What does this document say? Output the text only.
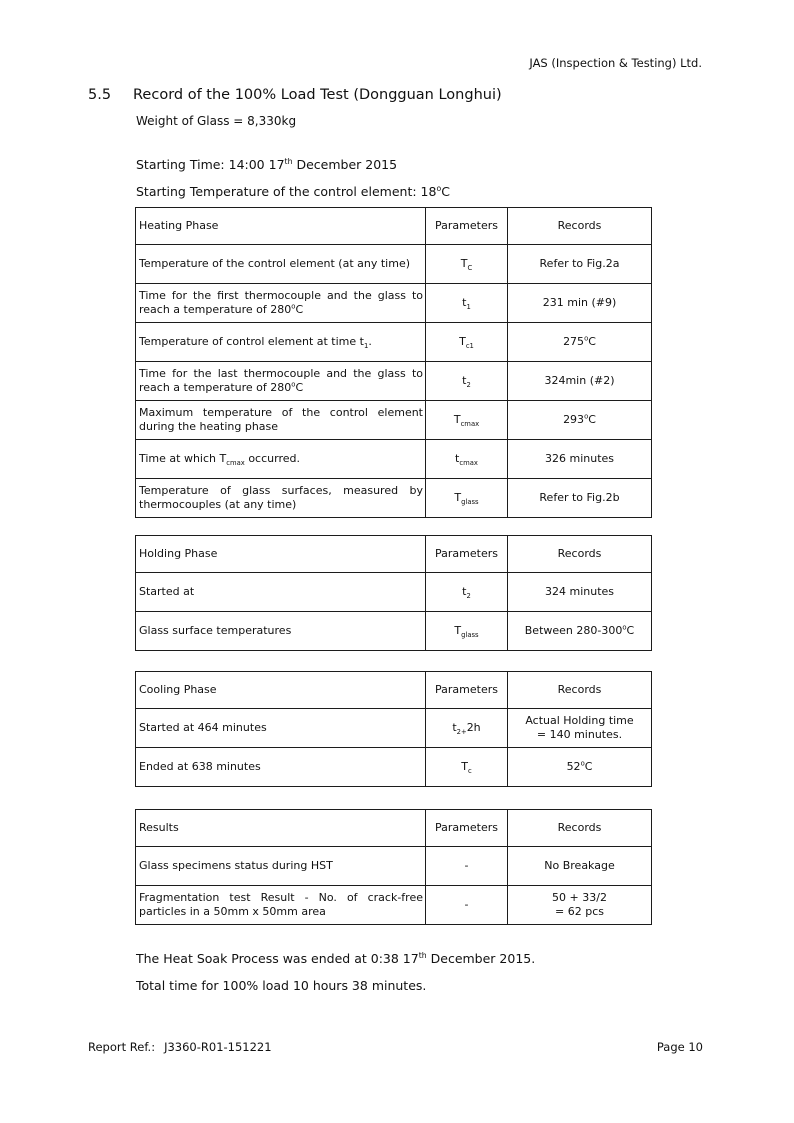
JAS (Inspection & Testing) Ltd.
5.5 Record of the 100% Load Test (Dongguan Longhui)
Weight of Glass = 8,330kg
Starting Time: 14:00 17th December 2015
Starting Temperature of the control element: 18$^o$C
Heating Phase	Parameters	Records
Temperature of the control element (at any time)	$T_C$	Refer to Fig.2a
Time for the first thermocouple and the glass to reach a temperature of 280$^o$C	$t_1$	231 min (#9)
Temperature of control element at time $t_1$.	$T_{c1}$	275$^o$C
Time for the last thermocouple and the glass to reach a temperature of 280$^o$C	$t_2$	324min (#2)
Maximum temperature of the control element during the heating phase	$T_{cmax}$	293$^o$C
Time at which $T_{cmax}$ occurred.	$t_{cmax}$	326 minutes
Temperature of glass surfaces, measured by thermocouples (at any time)	$T_{glass}$	Refer to Fig.2b
Holding Phase	Parameters	Records
Started at	$t_2$	324 minutes
Glass surface temperatures	$T_{glass}$	Between 280-300$^o$C
Cooling Phase	Parameters	Records
Started at 464 minutes	$t_{2+}2h$	Actual Holding time
= 140 minutes.
Ended at 638 minutes	$T_c$	52$^o$C
Results	Parameters	Records
Glass specimens status during HST	-	No Breakage
Fragmentation test Result - No. of crack-free particles in a 50mm x 50mm area	-	50 + 33/2
= 62 pcs
The Heat Soak Process was ended at 0:38 17th December 2015.
Total time for 100% load 10 hours 38 minutes.
Report Ref.: J3360-R01-151221	Page 10
